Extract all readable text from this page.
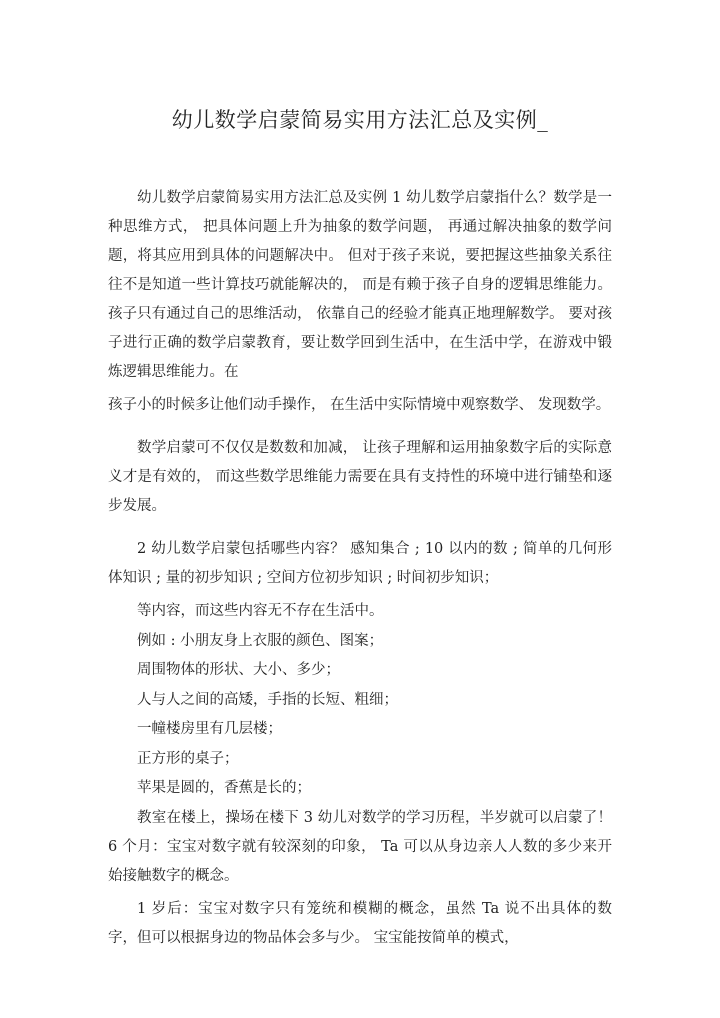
幼儿数学启蒙简易实用方法汇总及实例_

幼儿数学启蒙简易实用方法汇总及实例 1 幼儿数学启蒙指什么？数学是一种思维方式， 把具体问题上升为抽象的数学问题， 再通过解决抽象的数学问题，将其应用到具体的问题解决中。 但对于孩子来说，要把握这些抽象关系往往不是知道一些计算技巧就能解决的， 而是有赖于孩子自身的逻辑思维能力。 孩子只有通过自己的思维活动， 依靠自己的经验才能真正地理解数学。 要对孩子进行正确的数学启蒙教育，要让数学回到生活中，在生活中学，在游戏中锻炼逻辑思维能力。在

孩子小的时候多让他们动手操作， 在生活中实际情境中观察数学、 发现数学。

数学启蒙可不仅仅是数数和加减， 让孩子理解和运用抽象数字后的实际意义才是有效的， 而这些数学思维能力需要在具有支持性的环境中进行铺垫和逐步发展。

2 幼儿数学启蒙包括哪些内容？ 感知集合 ; 10 以内的数 ; 简单的几何形体知识 ; 量的初步知识 ; 空间方位初步知识 ; 时间初步知识；

等内容，而这些内容无不存在生活中。

例如 : 小朋友身上衣服的颜色、图案；

周围物体的形状、大小、多少；

人与人之间的高矮，手指的长短、粗细；

一幢楼房里有几层楼；

正方形的桌子；

苹果是圆的，香蕉是长的；

教室在楼上，操场在楼下 3 幼儿对数学的学习历程，半岁就可以启蒙了！ 6 个月：宝宝对数字就有较深刻的印象， Ta 可以从身边亲人人数的多少来开始接触数字的概念。

1 岁后：宝宝对数字只有笼统和模糊的概念，虽然 Ta 说不出具体的数字，但可以根据身边的物品体会多与少。 宝宝能按简单的模式，
